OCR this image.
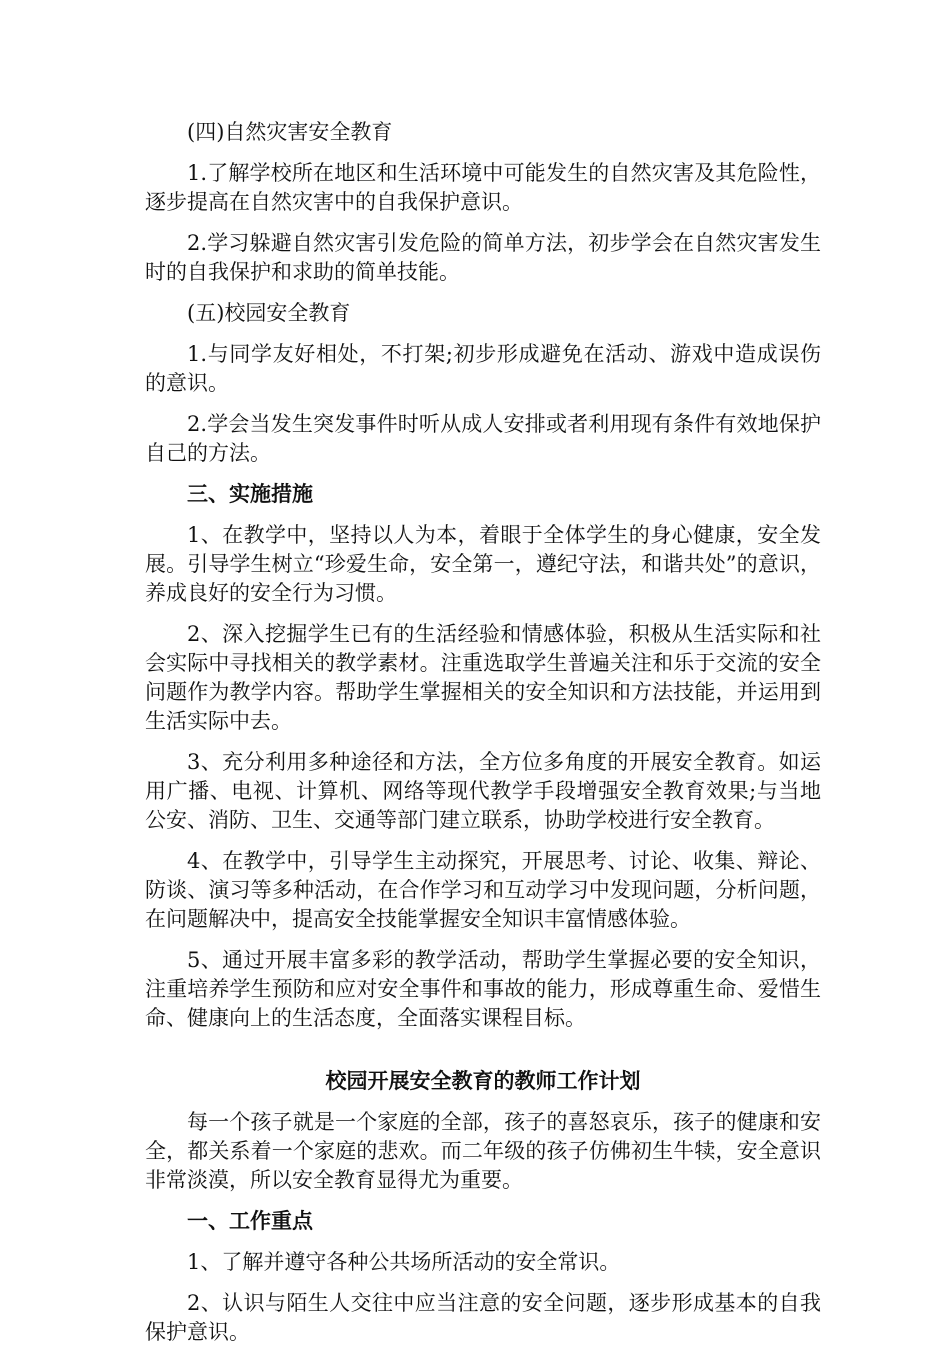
(四)自然灾害安全教育

1.了解学校所在地区和生活环境中可能发生的自然灾害及其危险性，逐步提高在自然灾害中的自我保护意识。

2.学习躲避自然灾害引发危险的简单方法，初步学会在自然灾害发生时的自我保护和求助的简单技能。

(五)校园安全教育

1.与同学友好相处，不打架;初步形成避免在活动、游戏中造成误伤的意识。

2.学会当发生突发事件时听从成人安排或者利用现有条件有效地保护自己的方法。

三、实施措施

1、在教学中，坚持以人为本，着眼于全体学生的身心健康，安全发展。引导学生树立“珍爱生命，安全第一，遵纪守法，和谐共处”的意识，养成良好的安全行为习惯。

2、深入挖掘学生已有的生活经验和情感体验，积极从生活实际和社会实际中寻找相关的教学素材。注重选取学生普遍关注和乐于交流的安全问题作为教学内容。帮助学生掌握相关的安全知识和方法技能，并运用到生活实际中去。

3、充分利用多种途径和方法，全方位多角度的开展安全教育。如运用广播、电视、计算机、网络等现代教学手段增强安全教育效果;与当地公安、消防、卫生、交通等部门建立联系，协助学校进行安全教育。

4、在教学中，引导学生主动探究，开展思考、讨论、收集、辩论、防谈、演习等多种活动，在合作学习和互动学习中发现问题，分析问题，在问题解决中，提高安全技能掌握安全知识丰富情感体验。

5、通过开展丰富多彩的教学活动，帮助学生掌握必要的安全知识，注重培养学生预防和应对安全事件和事故的能力，形成尊重生命、爱惜生命、健康向上的生活态度，全面落实课程目标。

校园开展安全教育的教师工作计划

每一个孩子就是一个家庭的全部，孩子的喜怒哀乐，孩子的健康和安全，都关系着一个家庭的悲欢。而二年级的孩子仿佛初生牛犊，安全意识非常淡漠，所以安全教育显得尤为重要。

一、工作重点

1、了解并遵守各种公共场所活动的安全常识。

2、认识与陌生人交往中应当注意的安全问题，逐步形成基本的自我保护意识。
